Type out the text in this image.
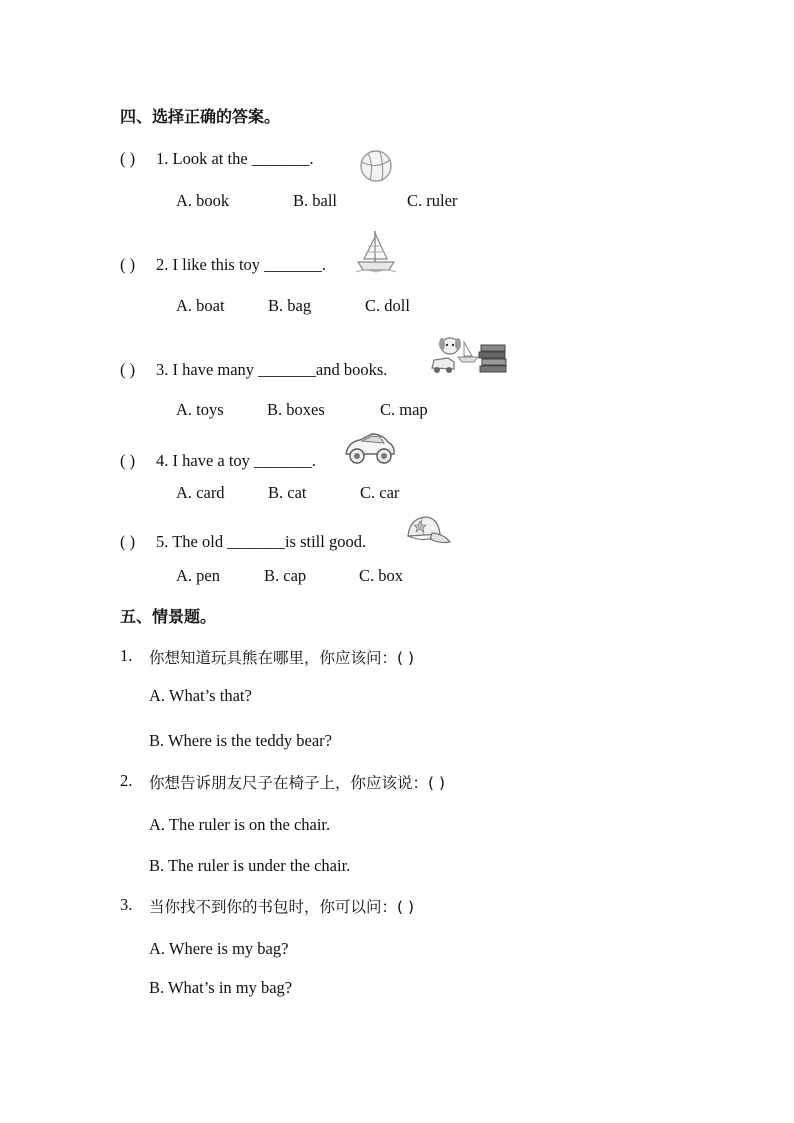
四、选择正确的答案。
( ) 1. Look at the _______.
A. book	B. ball	C. ruler
( ) 2. I like this toy _______.
A. boat	B. bag	C. doll
( ) 3. I have many _______and books.
A. toys	B. boxes	C. map
( ) 4. I have a toy _______.
A. card	B. cat	C. car
( ) 5. The old _______is still good.
A. pen	B. cap	C. box
五、情景题。
1. 你想知道玩具熊在哪里，你应该问：( )
A. What’s that?
B. Where is the teddy bear?
2. 你想告诉朋友尺子在椅子上，你应该说：( )
A. The ruler is on the chair.
B. The ruler is under the chair.
3. 当你找不到你的书包时，你可以问：( )
A. Where is my bag?
B. What’s in my bag?
